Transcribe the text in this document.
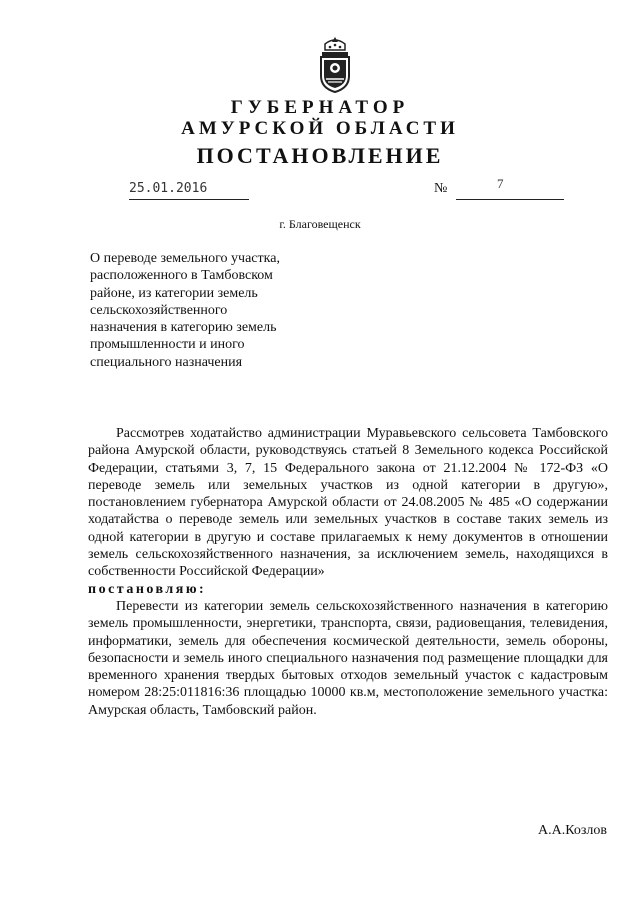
ГУБЕРНАТОР
АМУРСКОЙ ОБЛАСТИ
ПОСТАНОВЛЕНИЕ
25.01.2016	№	7
г. Благовещенск
О переводе земельного участка,
расположенного в Тамбовском
районе, из категории земель
сельскохозяйственного
назначения в категорию земель
промышленности и иного
специального назначения

Рассмотрев ходатайство администрации Муравьевского сельсовета Тамбовского района Амурской области, руководствуясь статьей 8 Земельного кодекса Российской Федерации, статьями 3, 7, 15 Федерального закона от 21.12.2004 № 172-ФЗ «О переводе земель или земельных участков из одной категории в другую», постановлением губернатора Амурской области от 24.08.2005 № 485 «О содержании ходатайства о переводе земель или земельных участков в составе таких земель из одной категории в другую и составе прилагаемых к нему документов в отношении земель сельскохозяйственного назначения, за исключением земель, находящихся в собственности Российской Федерации»

постановляю:

Перевести из категории земель сельскохозяйственного назначения в категорию земель промышленности, энергетики, транспорта, связи, радиовещания, телевидения, информатики, земель для обеспечения космической деятельности, земель обороны, безопасности и земель иного специального назначения под размещение площадки для временного хранения твердых бытовых отходов земельный участок с кадастровым номером 28:25:011816:36 площадью 10000 кв.м, местоположение земельного участка: Амурская область, Тамбовский район.

А.А.Козлов
